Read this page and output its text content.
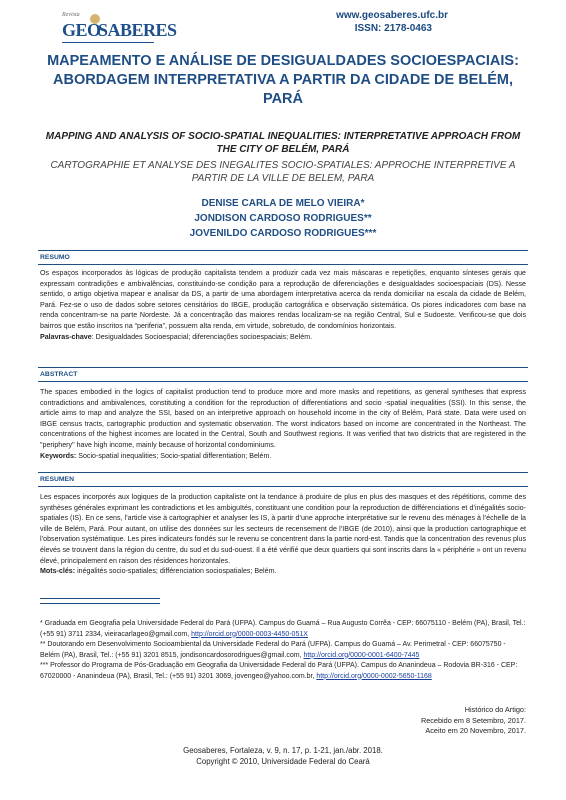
Revista
GEO
SABERES
www.geosaberes.ufc.br
ISSN: 2178-0463
MAPEAMENTO E ANÁLISE DE DESIGUALDADES SOCIOESPACIAIS: ABORDAGEM INTERPRETATIVA A PARTIR DA CIDADE DE BELÉM, PARÁ
MAPPING AND ANALYSIS OF SOCIO-SPATIAL INEQUALITIES: INTERPRETATIVE APPROACH FROM THE CITY OF BELÉM, PARÁ
CARTOGRAPHIE ET ANALYSE DES INEGALITES SOCIO-SPATIALES: APPROCHE INTERPRETIVE A PARTIR DE LA VILLE DE BELEM, PARA
DENISE CARLA DE MELO VIEIRA*
JONDISON CARDOSO RODRIGUES**
JOVENILDO CARDOSO RODRIGUES***
RESUMO
Os espaços incorporados às lógicas de produção capitalista tendem a produzir cada vez mais máscaras e repetições, enquanto sínteses gerais que expressam contradições e ambivalências, constituindo-se condição para a reprodução de diferenciações e desigualdades socioespaciais (DS). Nesse sentido, o artigo objetiva mapear e analisar da DS, a partir de uma abordagem interpretativa acerca da renda domiciliar na escala da cidade de Belém, Pará. Fez-se o uso de dados sobre setores censitários do IBGE, produção cartográfica e observação sistemática. Os piores indicadores com base na renda concentram-se na parte Nordeste. Já a concentração das maiores rendas localizam-se na região Central, Sul e Sudoeste. Verificou-se que dois bairros que estão inscritos na “periferia”, possuem alta renda, em virtude, sobretudo, de condomínios horizontais.
Palavras-chave: Desigualdades Socioespacial; diferenciações socioespaciais; Belém.
ABSTRACT
The spaces embodied in the logics of capitalist production tend to produce more and more masks and repetitions, as general syntheses that express contradictions and ambivalences, constituting a condition for the reproduction of differentiations and socio -spatial inequalities (SSI). In this sense, the article aims to map and analyze the SSI, based on an interpretive approach on household income in the city of Belém, Pará state. Data were used on IBGE census tracts, cartographic production and systematic observation. The worst indicators based on income are concentrated in the Northeast. The concentrations of the highest incomes are located in the Central, South and Southwest regions. It was verified that two districts that are registered in the "periphery" have high income, mainly because of horizontal condominiums.
Keywords: Socio-spatial inequalities; Socio-spatial differentiation; Belém.
RESUMEN
Les espaces incorporés aux logiques de la production capitaliste ont la tendance à produire de plus en plus des masques et des répétitions, comme des synthèses générales exprimant les contradictions et les ambiguïtés, constituant une condition pour la reproduction de différenciations et d’inégalités socio-spatiales (IS). En ce sens, l’article vise à cartographier et analyser les IS, à partir d’une approche interprétative sur le revenu des ménages à l’échelle de la ville de Belém, Pará. Pour autant, on utilise des données sur les secteurs de recensement de l’IBGE (de 2010), ainsi que la production cartographique et l’observation systématique. Les pires indicateurs fondés sur le revenu se concentrent dans la partie nord-est. Tandis que la concentration des revenus plus élevés se trouvent dans la région du centre, du sud et du sud-ouest. Il a été vérifié que deux quartiers qui sont inscrits dans la « périphérie » ont un revenu élevé, principalement en raison des résidences horizontales.
Mots-clés: inégalités socio-spatiales; différenciation sociospatiales; Belém.

* Graduada em Geografia pela Universidade Federal do Pará (UFPA). Campus do Guamá – Rua Augusto Corrêa - CEP: 66075110 - Belém (PA), Brasil, Tel.: (+55 91) 3711 2334, vieiracarlageo@gmail.com, http://orcid.org/0000-0003-4450-051X

** Doutorando em Desenvolvimento Socioambiental da Universidade Federal do Pará (UFPA). Campus do Guamá – Av. Perimetral - CEP: 66075750 - Belém (PA), Brasil, Tel.: (+55 91) 3201 8515, jondisoncardosorodrigues@gmail.com, http://orcid.org/0000-0001-6400-7445

*** Professor do Programa de Pós-Graduação em Geografia da Universidade Federal do Pará (UFPA). Campus do Ananindeua – Rodovia BR-316 - CEP: 67020000 - Ananindeua (PA), Brasil, Tel.: (+55 91) 3201 3069, jovengeo@yahoo.com.br, http://orcid.org/0000-0002-5650-1168

Histórico do Artigo:
Recebido em 8 Setembro, 2017.
Aceito em 20 Novembro, 2017.
Geosaberes, Fortaleza, v. 9, n. 17, p. 1-21, jan./abr. 2018.
Copyright © 2010, Universidade Federal do Ceará
